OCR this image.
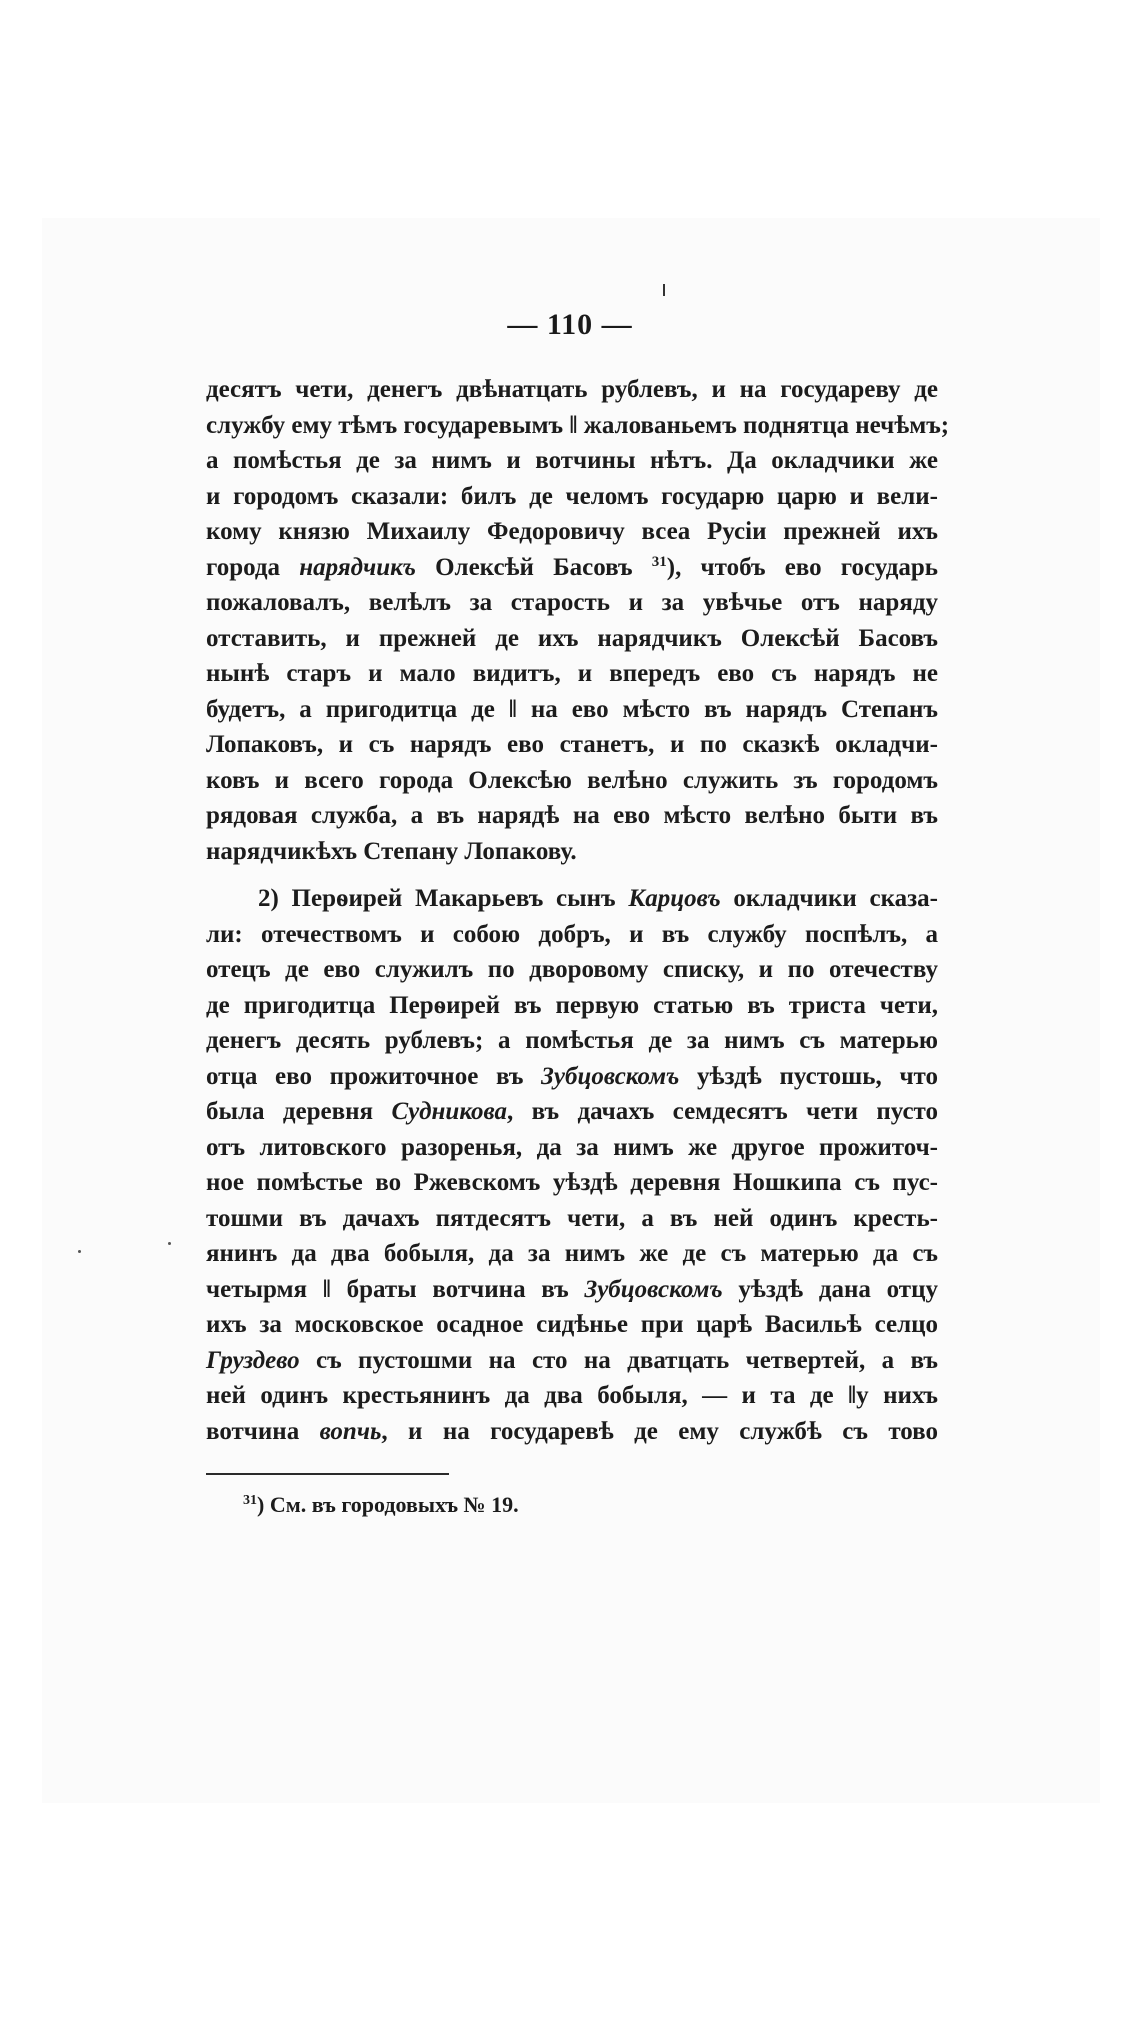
— 110 —
десятъ чети, денегъ двѣнатцать рублевъ, и на государеву де
службу ему тѣмъ государевымъ ‖ жалованьемъ поднятца нечѣмъ;
а помѣстья де за нимъ и вотчины нѣтъ. Да окладчики же
и городомъ сказали: билъ де челомъ государю царю и вели-
кому князю Михаилу Федоровичу всеа Русіи прежней ихъ
города нарядчикъ Олексѣй Басовъ $^{31}$), чтобъ ево государь
пожаловалъ, велѣлъ за старость и за увѣчье отъ наряду
отставить, и прежней де ихъ нарядчикъ Олексѣй Басовъ
нынѣ старъ и мало видитъ, и впередъ ево съ нарядъ не
будетъ, а пригодитца де ‖ на ево мѣсто въ нарядъ Степанъ
Лопаковъ, и съ нарядъ ево станетъ, и по сказкѣ окладчи-
ковъ и всего города Олексѣю велѣно служить зъ городомъ
рядовая служба, а въ нарядѣ на ево мѣсто велѣно быти въ
нарядчикѣхъ Степану Лопакову.
2) Перѳирей Макарьевъ сынъ Карцовъ окладчики сказа-
ли: отечествомъ и собою добръ, и въ службу поспѣлъ, а
отецъ де ево служилъ по дворовому списку, и по отечеству
де пригодитца Перѳирей въ первую статью въ триста чети,
денегъ десять рублевъ; а помѣстья де за нимъ съ матерью
отца ево прожиточное въ Зубцовскомъ уѣздѣ пустошь, что
была деревня Судникова, въ дачахъ семдесятъ чети пусто
отъ литовского разоренья, да за нимъ же другое прожиточ-
ное помѣстье во Ржевскомъ уѣздѣ деревня Ношкипа съ пус-
тошми въ дачахъ пятдесятъ чети, а въ ней одинъ кресть-
янинъ да два бобыля, да за нимъ же де съ матерью да съ
четырмя ‖ браты вотчина въ Зубцовскомъ уѣздѣ дана отцу
ихъ за московское осадное сидѣнье при царѣ Васильѣ селцо
Груздево съ пустошми на сто на дватцать четвертей, а въ
ней одинъ крестьянинъ да два бобыля, — и та де ‖у нихъ
вотчина вопчь, и на государевѣ де ему службѣ съ тово
$^{31}$) См. въ городовыхъ № 19.
